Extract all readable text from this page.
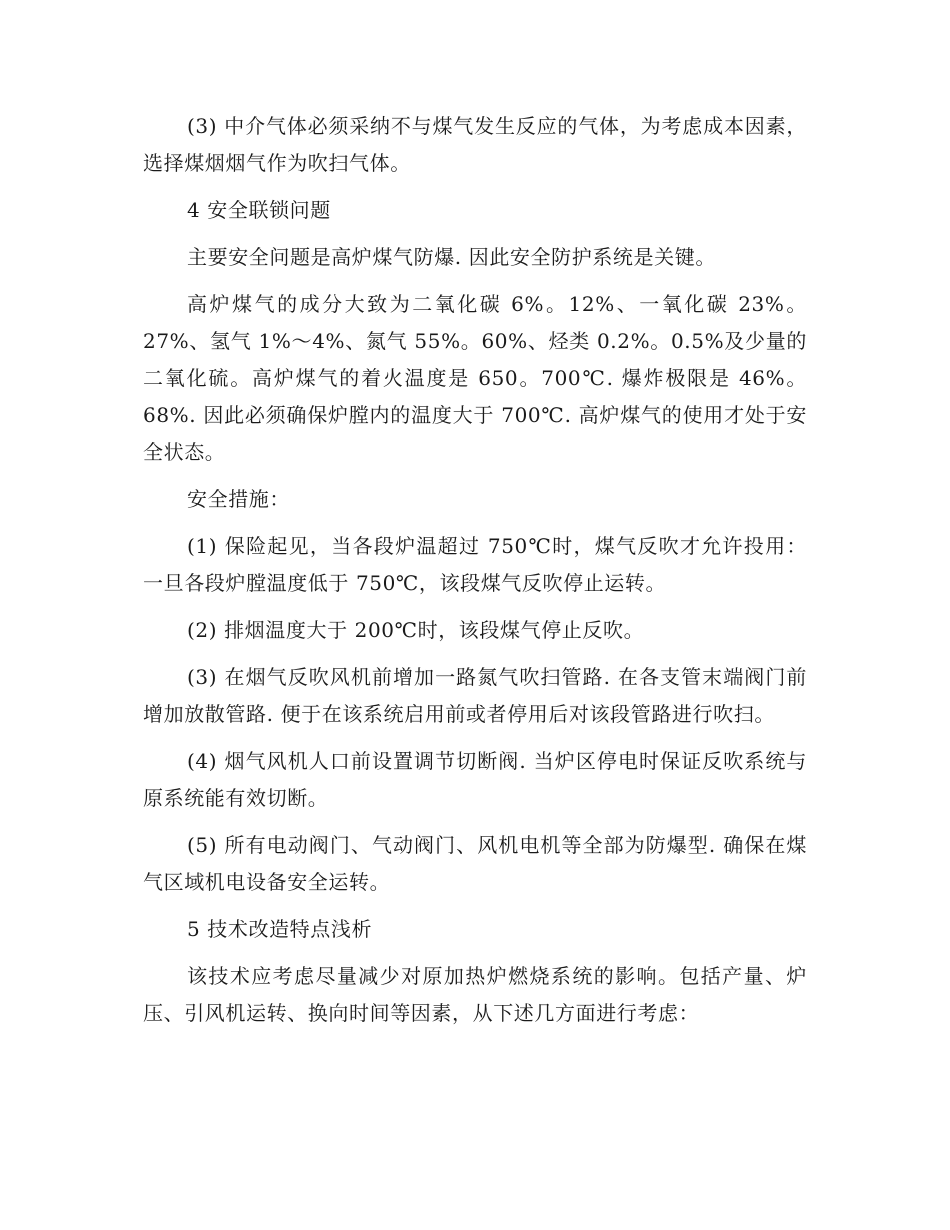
(3) 中介气体必须采纳不与煤气发生反应的气体，为考虑成本因素，选择煤烟烟气作为吹扫气体。

4 安全联锁问题

主要安全问题是高炉煤气防爆. 因此安全防护系统是关键。

高炉煤气的成分大致为二氧化碳 6%。12%、一氧化碳 23%。27%、氢气 1%～4%、氮气 55%。60%、烃类 0.2%。0.5%及少量的二氧化硫。高炉煤气的着火温度是 650。700℃. 爆炸极限是 46%。68%. 因此必须确保炉膛内的温度大于 700℃. 高炉煤气的使用才处于安全状态。

安全措施：

(1) 保险起见，当各段炉温超过 750℃时，煤气反吹才允许投用：一旦各段炉膛温度低于 750℃，该段煤气反吹停止运转。

(2) 排烟温度大于 200℃时，该段煤气停止反吹。

(3) 在烟气反吹风机前增加一路氮气吹扫管路. 在各支管末端阀门前增加放散管路. 便于在该系统启用前或者停用后对该段管路进行吹扫。

(4) 烟气风机人口前设置调节切断阀. 当炉区停电时保证反吹系统与原系统能有效切断。

(5) 所有电动阀门、气动阀门、风机电机等全部为防爆型. 确保在煤气区域机电设备安全运转。

5 技术改造特点浅析

该技术应考虑尽量减少对原加热炉燃烧系统的影响。包括产量、炉压、引风机运转、换向时间等因素，从下述几方面进行考虑：
